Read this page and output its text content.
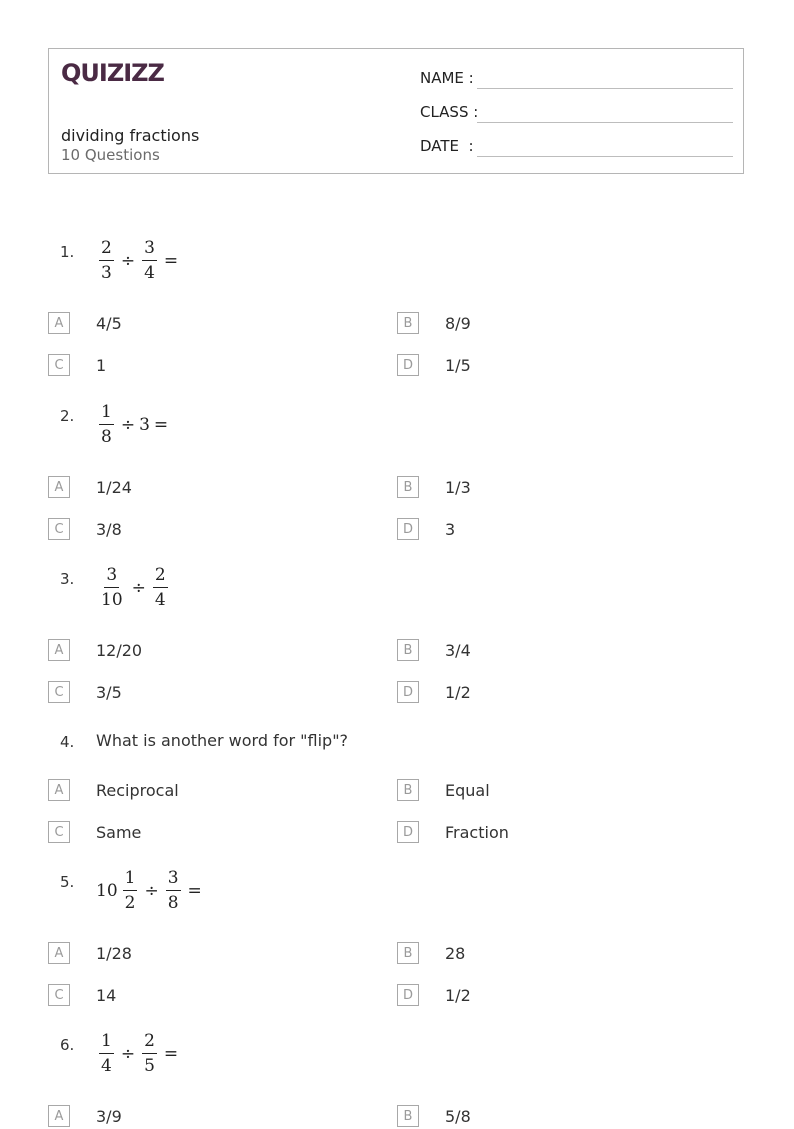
QUIZIZZ
dividing fractions
10 Questions
NAME :
CLASS :
DATE  :
1. $\frac{2}{3} \div \frac{3}{4}$ =
A	4/5	B	8/9
C	1	D	1/5
2. $\frac{1}{8} \div 3$ =
A	1/24	B	1/3
C	3/8	D	3
3. $\frac{3}{10} \div \frac{2}{4}$
A	12/20	B	3/4
C	3/5	D	1/2
4. What is another word for "flip"?
A	Reciprocal	B	Equal
C	Same	D	Fraction
5. $10 \frac{1}{2} \div \frac{3}{8}$ =
A	1/28	B	28
C	14	D	1/2
6. $\frac{1}{4} \div \frac{2}{5}$ =
A	3/9	B	5/8
